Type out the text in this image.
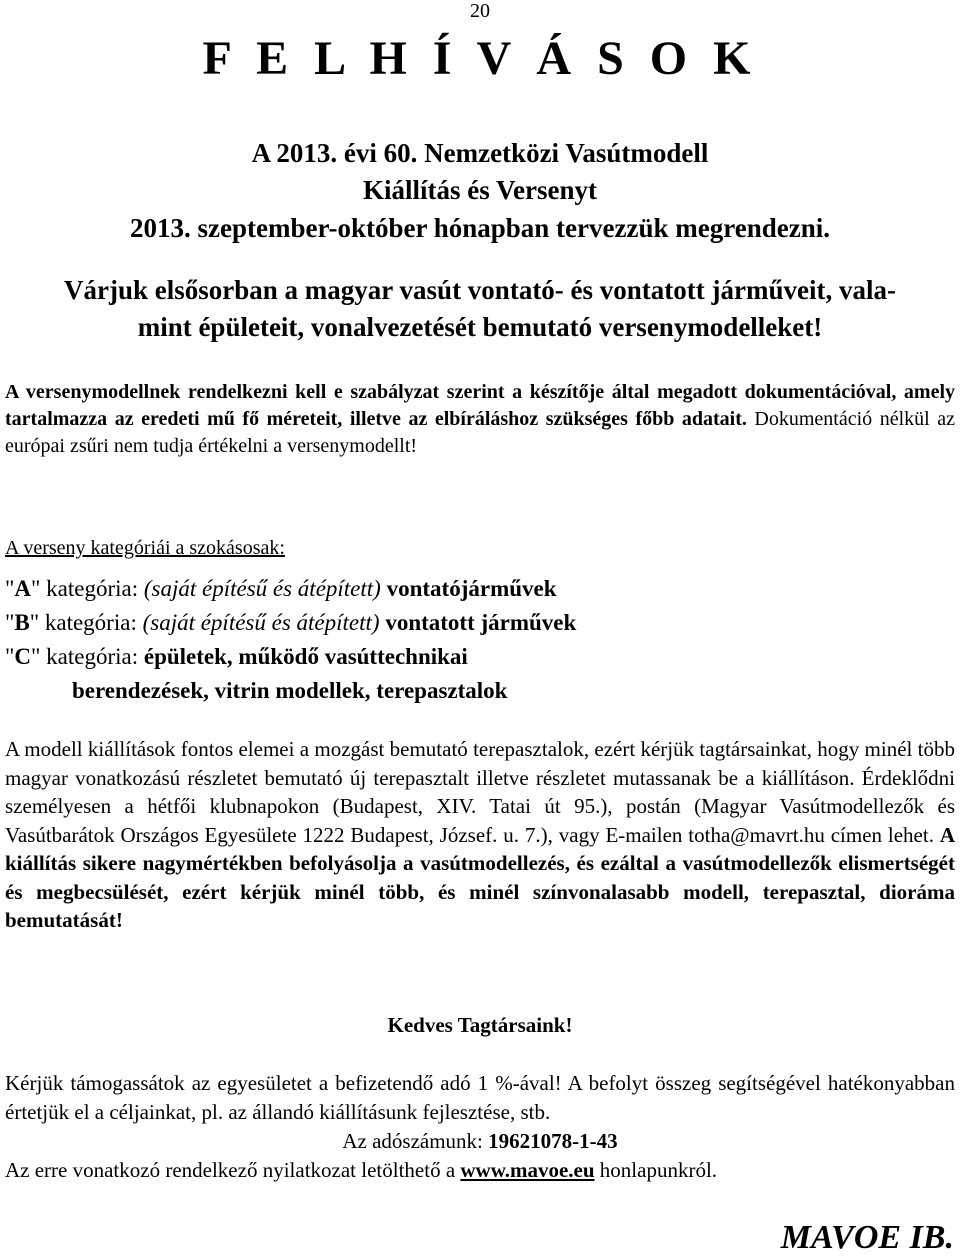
20
F E L H Í V Á S O K
A 2013. évi 60. Nemzetközi Vasútmodell
Kiállítás és Versenyt
2013. szeptember-október hónapban tervezzük megrendezni.
Várjuk elsősorban a magyar vasút vontató- és vontatott járműveit, vala-
mint épületeit, vonalvezetését bemutató versenymodelleket!
A versenymodellnek rendelkezni kell e szabályzat szerint a készítője által megadott dokumentációval, amely tartalmazza az eredeti mű fő méreteit, illetve az elbíráláshoz szükséges főbb adatait. Dokumentáció nélkül az európai zsűri nem tudja értékelni a versenymodellt!
A verseny kategóriái a szokásosak:
"A" kategória: (saját építésű és átépített) vontatójárművek
"B" kategória: (saját építésű és átépített) vontatott járművek
"C" kategória: épületek, működő vasúttechnikai
berendezések, vitrin modellek, terepasztalok
A modell kiállítások fontos elemei a mozgást bemutató terepasztalok, ezért kérjük tagtársainkat, hogy minél több magyar vonatkozású részletet bemutató új terepasztalt illetve részletet mutassanak be a kiállításon. Érdeklődni személyesen a hétfői klubnapokon (Budapest, XIV. Tatai út 95.), postán (Magyar Vasútmodellezők és Vasútbarátok Országos Egyesülete 1222 Budapest, József. u. 7.), vagy E-mailen totha@mavrt.hu címen lehet. A kiállítás sikere nagymértékben befolyásolja a vasútmodellezés, és ezáltal a vasútmodellezők elismertségét és megbecsülését, ezért kérjük minél több, és minél színvonalasabb modell, terepasztal, dioráma bemutatását!
Kedves Tagtársaink!
Kérjük támogassátok az egyesületet a befizetendő adó 1 %-ával! A befolyt összeg segítségével hatékonyabban értetjük el a céljainkat, pl. az állandó kiállításunk fejlesztése, stb.
Az adószámunk: 19621078-1-43
Az erre vonatkozó rendelkező nyilatkozat letölthető a www.mavoe.eu honlapunkról.
MAVOE IB.
